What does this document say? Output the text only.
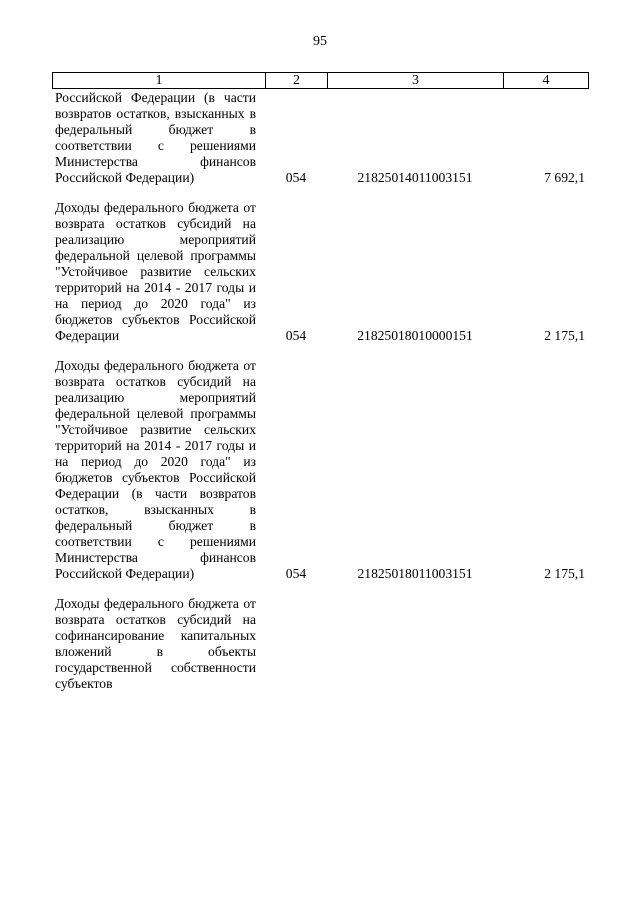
95
1	2	3	4
Российской Федерации (в части возвратов остатков, взысканных в федеральный бюджет в соответствии с решениями Министерства финансов Российской Федерации)	054	21825014011003151	7 692,1
Доходы федерального бюджета от возврата остатков субсидий на реализацию мероприятий федеральной целевой программы "Устойчивое развитие сельских территорий на 2014 - 2017 годы и на период до 2020 года" из бюджетов субъектов Российской Федерации	054	21825018010000151	2 175,1
Доходы федерального бюджета от возврата остатков субсидий на реализацию мероприятий федеральной целевой программы "Устойчивое развитие сельских территорий на 2014 - 2017 годы и на период до 2020 года" из бюджетов субъектов Российской Федерации (в части возвратов остатков, взысканных в федеральный бюджет в соответствии с решениями Министерства финансов Российской Федерации)	054	21825018011003151	2 175,1
Доходы федерального бюджета от возврата остатков субсидий на софинансирование капитальных вложений в объекты государственной собственности субъектов
